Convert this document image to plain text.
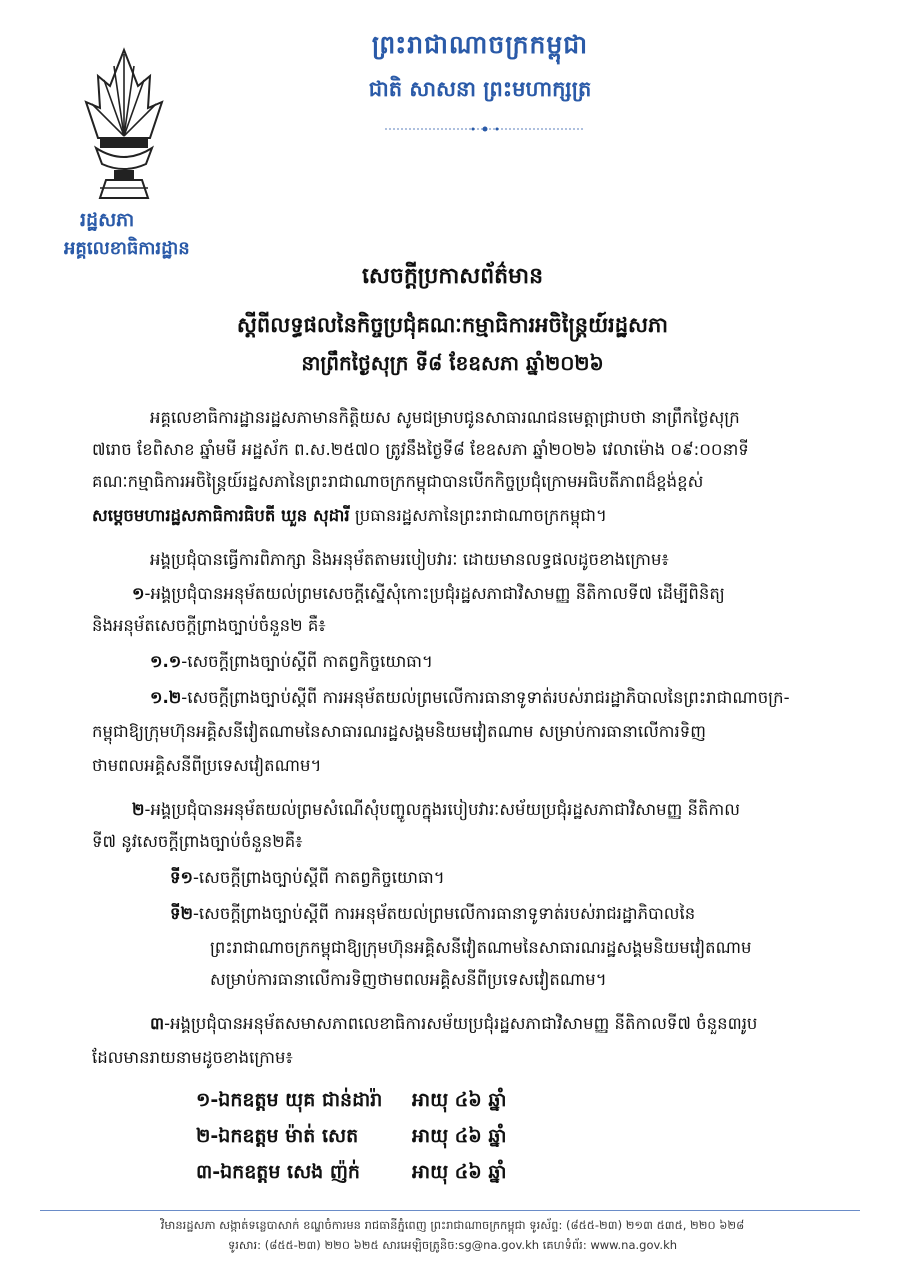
ព្រះរាជាណាចក្រកម្ពុជា
ជាតិ សាសនា ព្រះមហាក្សត្រ
រដ្ឋសភា
អគ្គលេខាធិការដ្ឋាន
សេចក្តីប្រកាសព័ត៌មាន
ស្តីពីលទ្ធផលនៃកិច្ចប្រជុំគណៈកម្មាធិការអចិន្ត្រៃយ៍រដ្ឋសភា
នាព្រឹកថ្ងៃសុក្រ ទី៨ ខែឧសភា ឆ្នាំ២០២៦
អគ្គលេខាធិការដ្ឋានរដ្ឋសភាមានកិត្តិយស សូមជម្រាបជូនសាធារណជនមេត្តាជ្រាបថា នាព្រឹកថ្ងៃសុក្រ
៧រោច ខែពិសាខ ឆ្នាំមមី អដ្ឋស័ក ព.ស.២៥៧០ ត្រូវនឹងថ្ងៃទី៨ ខែឧសភា ឆ្នាំ២០២៦ វេលាម៉ោង ០៩:០០នាទី
គណៈកម្មាធិការអចិន្ត្រៃយ៍រដ្ឋសភានៃព្រះរាជាណាចក្រកម្ពុជាបានបើកកិច្ចប្រជុំក្រោមអធិបតីភាពដ៏ខ្ពង់ខ្ពស់
សម្តេចមហារដ្ឋសភាធិការធិបតី ឃួន សុដារី ប្រធានរដ្ឋសភានៃព្រះរាជាណាចក្រកម្ពុជា។
អង្គប្រជុំបានធ្វើការពិភាក្សា និងអនុម័តតាមរបៀបវារៈ ដោយមានលទ្ធផលដូចខាងក្រោម៖
១-អង្គប្រជុំបានអនុម័តយល់ព្រមសេចក្តីស្នើសុំកោះប្រជុំរដ្ឋសភាជាវិសាមញ្ញ នីតិកាលទី៧ ដើម្បីពិនិត្យ
និងអនុម័តសេចក្តីព្រាងច្បាប់ចំនួន២ គឺ៖
១.១-សេចក្តីព្រាងច្បាប់ស្តីពី កាតព្វកិច្ចយោធា។
១.២-សេចក្តីព្រាងច្បាប់ស្តីពី ការអនុម័តយល់ព្រមលើការធានាទូទាត់របស់រាជរដ្ឋាភិបាលនៃព្រះរាជាណាចក្រ-
កម្ពុជាឱ្យក្រុមហ៊ុនអគ្គិសនីវៀតណាមនៃសាធារណរដ្ឋសង្គមនិយមវៀតណាម សម្រាប់ការធានាលើការទិញ
ថាមពលអគ្គិសនីពីប្រទេសវៀតណាម។
២-អង្គប្រជុំបានអនុម័តយល់ព្រមសំណើសុំបញ្ចូលក្នុងរបៀបវារៈសម័យប្រជុំរដ្ឋសភាជាវិសាមញ្ញ នីតិកាល
ទី៧ នូវសេចក្តីព្រាងច្បាប់ចំនួន២គឺ៖
ទី១-សេចក្តីព្រាងច្បាប់ស្តីពី កាតព្វកិច្ចយោធា។
ទី២-សេចក្តីព្រាងច្បាប់ស្តីពី ការអនុម័តយល់ព្រមលើការធានាទូទាត់របស់រាជរដ្ឋាភិបាលនៃ
ព្រះរាជាណាចក្រកម្ពុជាឱ្យក្រុមហ៊ុនអគ្គិសនីវៀតណាមនៃសាធារណរដ្ឋសង្គមនិយមវៀតណាម
សម្រាប់ការធានាលើការទិញថាមពលអគ្គិសនីពីប្រទេសវៀតណាម។
៣-អង្គប្រជុំបានអនុម័តសមាសភាពលេខាធិការសម័យប្រជុំរដ្ឋសភាជាវិសាមញ្ញ នីតិកាលទី៧ ចំនួន៣រូប
ដែលមានរាយនាមដូចខាងក្រោម៖
១-ឯកឧត្តម យុគ ជាន់ដារ៉ា អាយុ ៤៦ ឆ្នាំ
២-ឯកឧត្តម ម៉ាត់ សេត	អាយុ ៤៦ ឆ្នាំ
៣-ឯកឧត្តម សេង ញ៉ក់	អាយុ ៤៦ ឆ្នាំ
វិមានរដ្ឋសភា សង្កាត់ទន្លេបាសាក់ ខណ្ឌចំការមន រាជធានីភ្នំពេញ ព្រះរាជាណាចក្រកម្ពុជា ទូរស័ព្ទ: (៨៥៥-២៣) ២១៣ ៥៣៥, ២២០ ៦២៨
ទូរសារ: (៨៥៥-២៣) ២២០ ៦២៥ សារអេឡិចត្រូនិច:sg@na.gov.kh គេហទំព័រ: www.na.gov.kh
